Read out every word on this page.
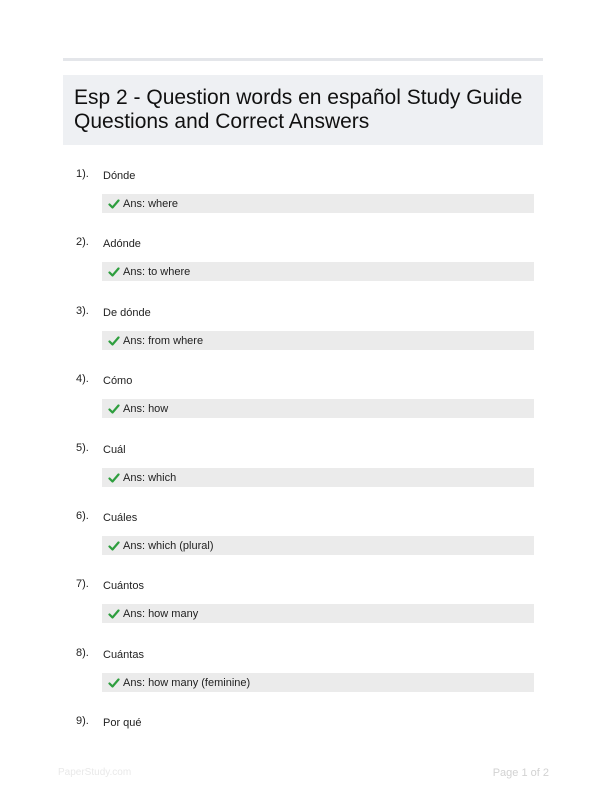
Esp 2 - Question words en español Study Guide Questions and Correct Answers
1). Dónde
Ans: where
2). Adónde
Ans: to where
3). De dónde
Ans: from where
4). Cómo
Ans: how
5). Cuál
Ans: which
6). Cuáles
Ans: which (plural)
7). Cuántos
Ans: how many
8). Cuántas
Ans: how many (feminine)
9). Por qué
PaperStudy.com	Page 1 of 2
